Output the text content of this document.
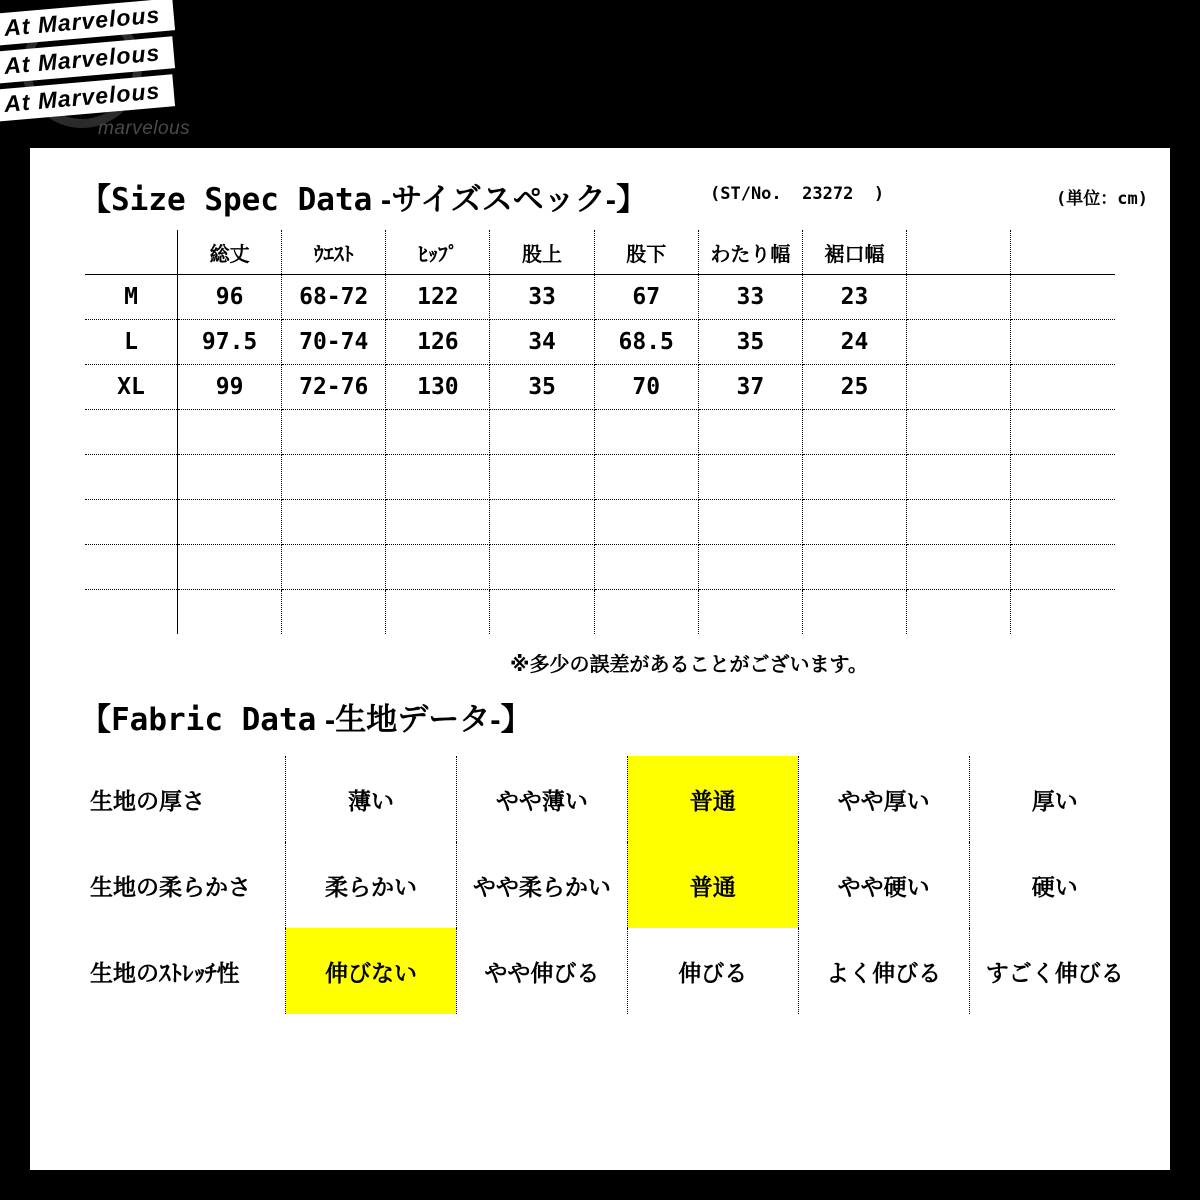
At Marvelous
At Marvelous
At Marvelous
marvelous
【Size Spec Data -サイズスペック-】	(ST/No. 23272 )	(単位：cm)
	総丈	ｳｴｽﾄ	ﾋｯﾌﾟ	股上	股下	わたり幅	裾口幅		
M	96	68-72	122	33	67	33	23		
L	97.5	70-74	126	34	68.5	35	24		
XL	99	72-76	130	35	70	37	25		

※多少の誤差があることがございます。
【Fabric Data -生地データ-】
生地の厚さ	薄い	やや薄い	普通	やや厚い	厚い
生地の柔らかさ	柔らかい	やや柔らかい	普通	やや硬い	硬い
生地のｽﾄﾚｯﾁ性	伸びない	やや伸びる	伸びる	よく伸びる	すごく伸びる
